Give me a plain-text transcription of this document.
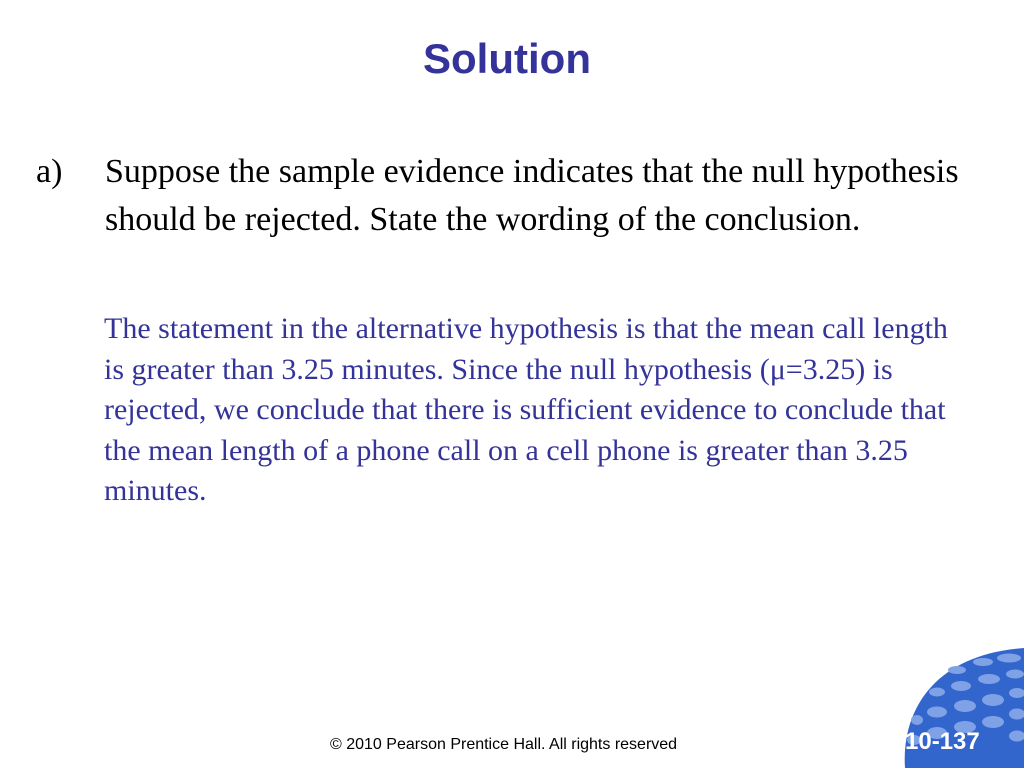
Solution
a) Suppose the sample evidence indicates that the null hypothesis should be rejected. State the wording of the conclusion.
The statement in the alternative hypothesis is that the mean call length is greater than 3.25 minutes. Since the null hypothesis (μ=3.25) is rejected, we conclude that there is sufficient evidence to conclude that the mean length of a phone call on a cell phone is greater than 3.25 minutes.
© 2010 Pearson Prentice Hall. All rights reserved	10-137
